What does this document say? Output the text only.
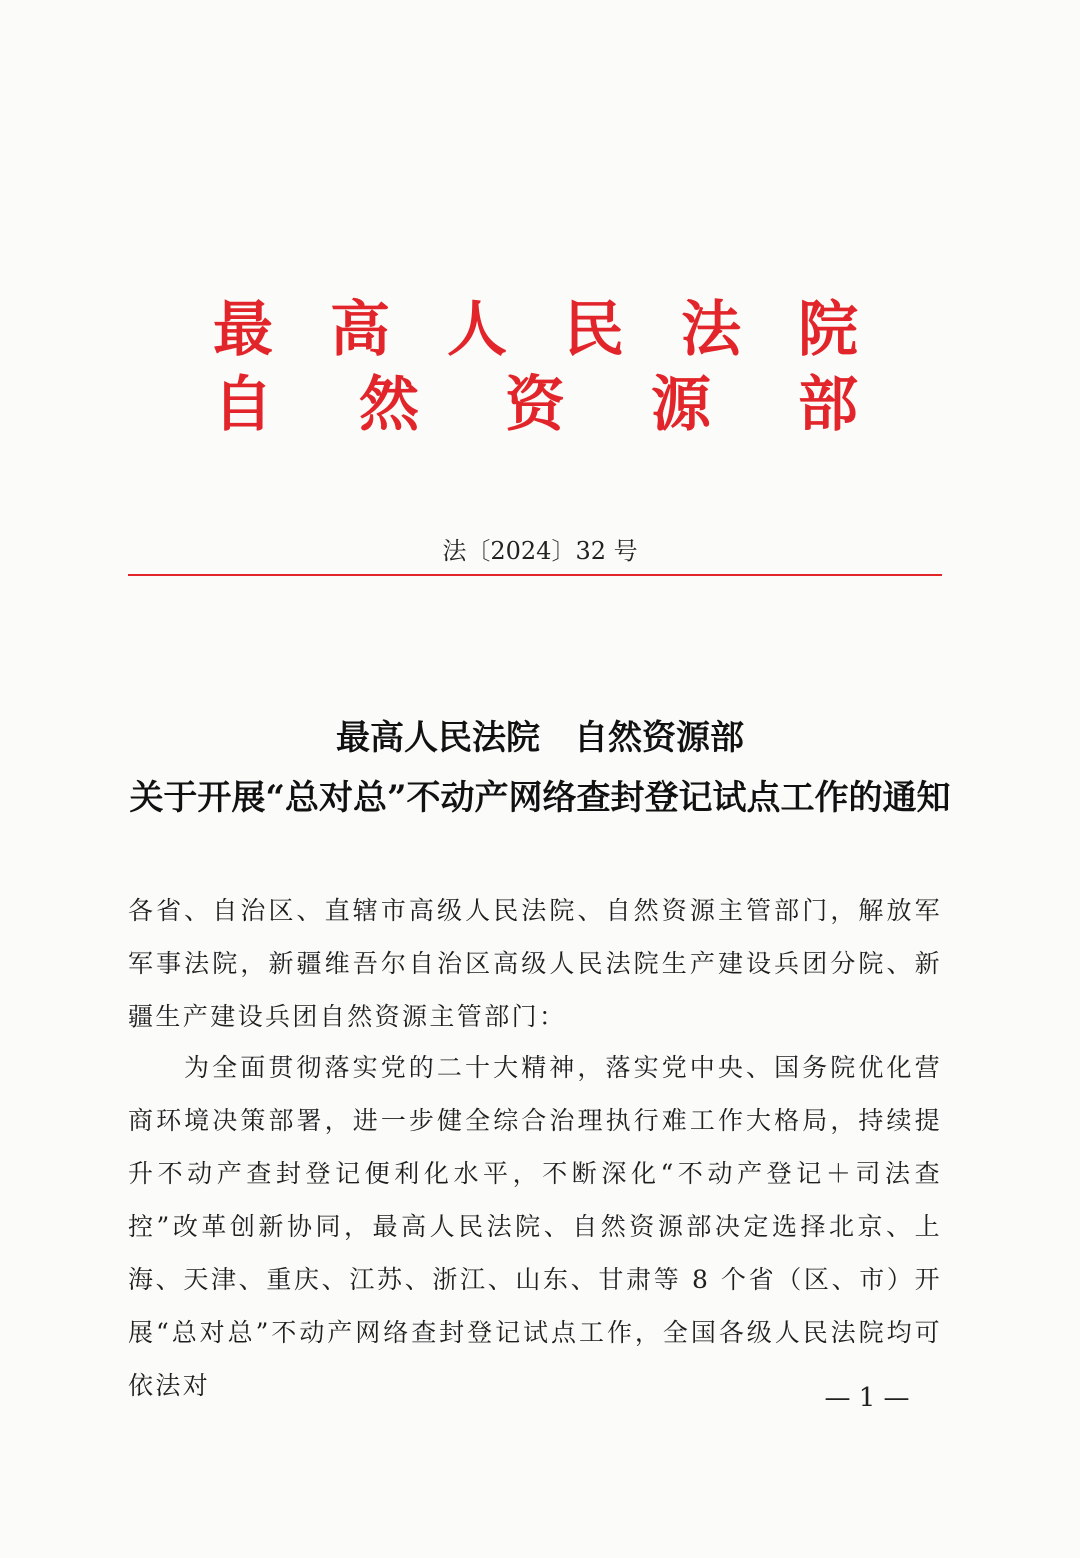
最 高 人 民 法 院
自 然 资 源 部
法〔2024〕32 号
最高人民法院　自然资源部
关于开展“总对总”不动产网络查封登记试点工作的通知
各省、自治区、直辖市高级人民法院、自然资源主管部门，解放军军事法院，新疆维吾尔自治区高级人民法院生产建设兵团分院、新疆生产建设兵团自然资源主管部门：
为全面贯彻落实党的二十大精神，落实党中央、国务院优化营商环境决策部署，进一步健全综合治理执行难工作大格局，持续提升不动产查封登记便利化水平，不断深化“不动产登记＋司法查控”改革创新协同，最高人民法院、自然资源部决定选择北京、上海、天津、重庆、江苏、浙江、山东、甘肃等 8 个省（区、市）开展“总对总”不动产网络查封登记试点工作，全国各级人民法院均可依法对	— 1 —
